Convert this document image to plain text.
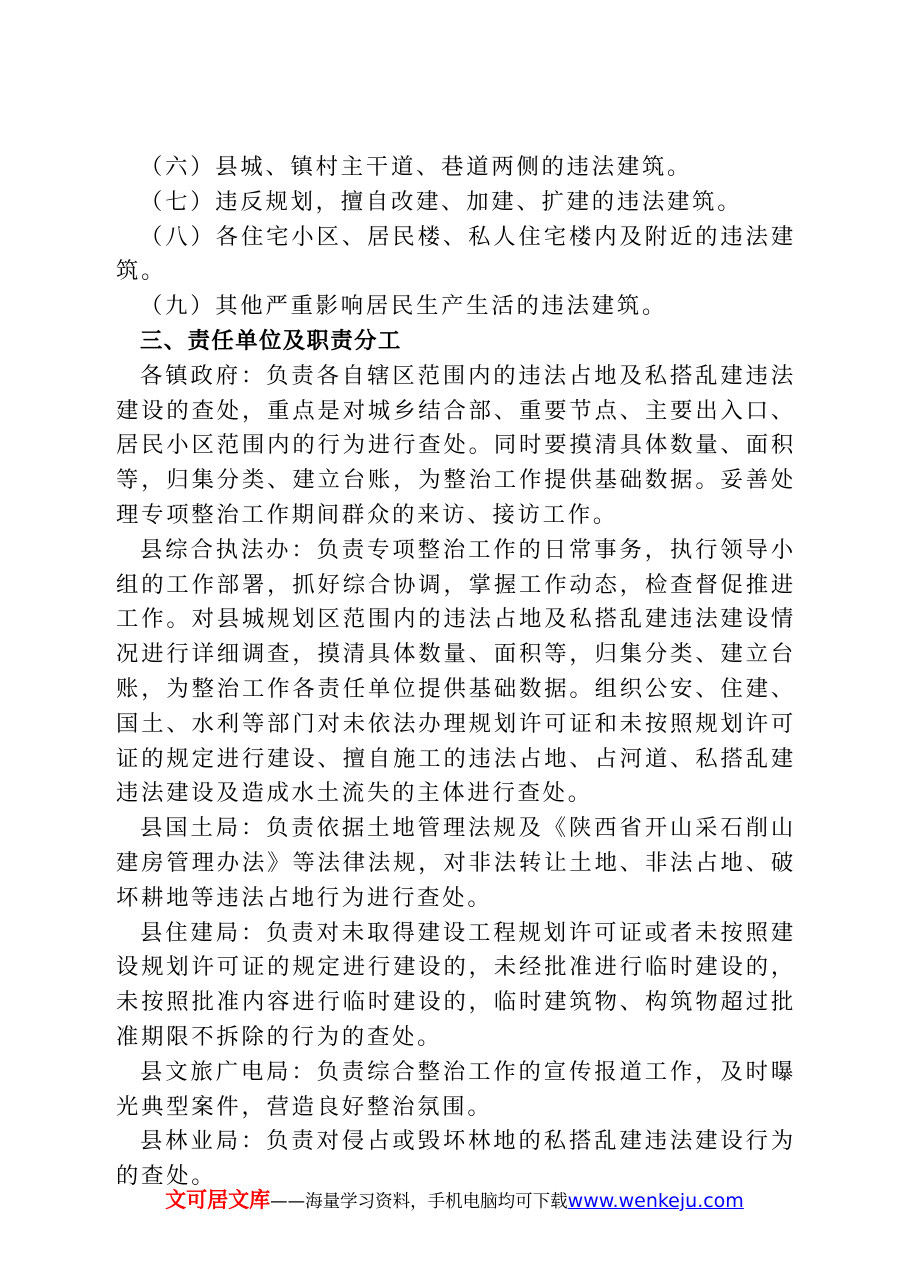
（六）县城、镇村主干道、巷道两侧的违法建筑。

（七）违反规划，擅自改建、加建、扩建的违法建筑。

（八）各住宅小区、居民楼、私人住宅楼内及附近的违法建筑。

（九）其他严重影响居民生产生活的违法建筑。

三、责任单位及职责分工

各镇政府：负责各自辖区范围内的违法占地及私搭乱建违法建设的查处，重点是对城乡结合部、重要节点、主要出入口、居民小区范围内的行为进行查处。同时要摸清具体数量、面积等，归集分类、建立台账，为整治工作提供基础数据。妥善处理专项整治工作期间群众的来访、接访工作。

县综合执法办：负责专项整治工作的日常事务，执行领导小组的工作部署，抓好综合协调，掌握工作动态，检查督促推进工作。对县城规划区范围内的违法占地及私搭乱建违法建设情况进行详细调查，摸清具体数量、面积等，归集分类、建立台账，为整治工作各责任单位提供基础数据。组织公安、住建、国土、水利等部门对未依法办理规划许可证和未按照规划许可证的规定进行建设、擅自施工的违法占地、占河道、私搭乱建违法建设及造成水土流失的主体进行查处。

县国土局：负责依据土地管理法规及《陕西省开山采石削山建房管理办法》等法律法规，对非法转让土地、非法占地、破坏耕地等违法占地行为进行查处。

县住建局：负责对未取得建设工程规划许可证或者未按照建设规划许可证的规定进行建设的，未经批准进行临时建设的，未按照批准内容进行临时建设的，临时建筑物、构筑物超过批准期限不拆除的行为的查处。

县文旅广电局：负责综合整治工作的宣传报道工作，及时曝光典型案件，营造良好整治氛围。

县林业局：负责对侵占或毁坏林地的私搭乱建违法建设行为的查处。

文可居文库——海量学习资料，手机电脑均可下载www.wenkeju.com
